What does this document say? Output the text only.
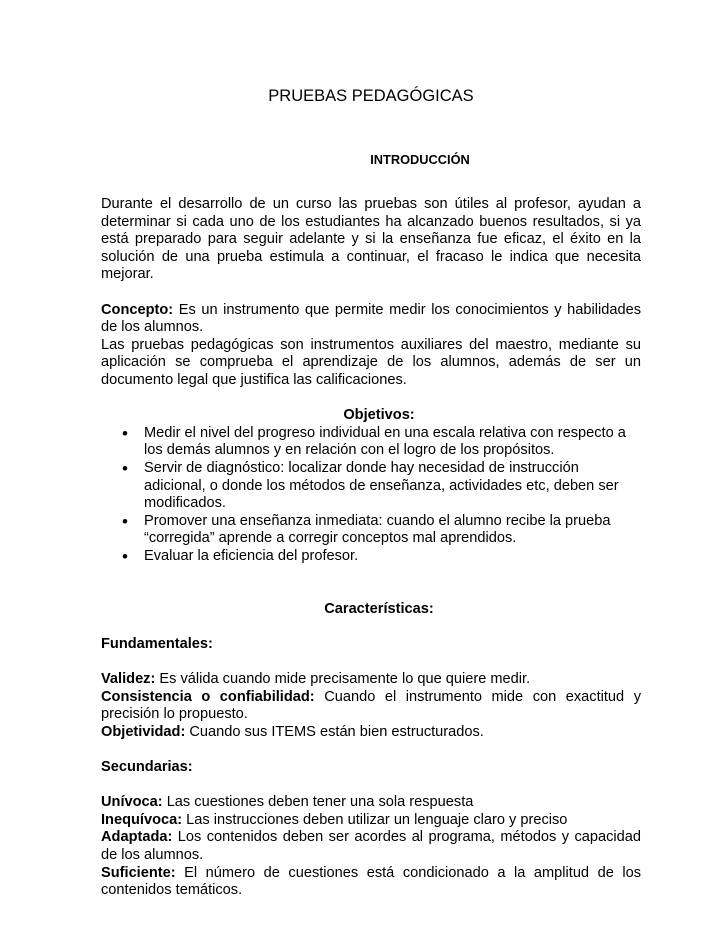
PRUEBAS PEDAGÓGICAS
INTRODUCCIÓN

Durante el desarrollo de un curso las pruebas son útiles al profesor, ayudan a determinar si cada uno de los estudiantes ha alcanzado buenos resultados, si ya está preparado para seguir adelante y si la enseñanza fue eficaz, el éxito en la solución de una prueba estimula a continuar, el fracaso le indica que necesita mejorar.

Concepto: Es un instrumento que permite medir los conocimientos y habilidades de los alumnos.

Las pruebas pedagógicas son instrumentos auxiliares del maestro, mediante su aplicación se comprueba el aprendizaje de los alumnos, además de ser un documento legal que justifica las calificaciones.

Objetivos:
• Medir el nivel del progreso individual en una escala relativa con respecto a los demás alumnos y en relación con el logro de los propósitos.
• Servir de diagnóstico: localizar donde hay necesidad de instrucción adicional, o donde los métodos de enseñanza, actividades etc, deben ser modificados.
• Promover una enseñanza inmediata: cuando el alumno recibe la prueba “corregida” aprende a corregir conceptos mal aprendidos.
• Evaluar la eficiencia del profesor.
Características:
Fundamentales:

Validez: Es válida cuando mide precisamente lo que quiere medir.

Consistencia o confiabilidad: Cuando el instrumento mide con exactitud y precisión lo propuesto.

Objetividad: Cuando sus ITEMS están bien estructurados.

Secundarias:

Unívoca: Las cuestiones deben tener una sola respuesta

Inequívoca: Las instrucciones deben utilizar un lenguaje claro y preciso

Adaptada: Los contenidos deben ser acordes al programa, métodos y capacidad de los alumnos.

Suficiente: El número de cuestiones está condicionado a la amplitud de los contenidos temáticos.
